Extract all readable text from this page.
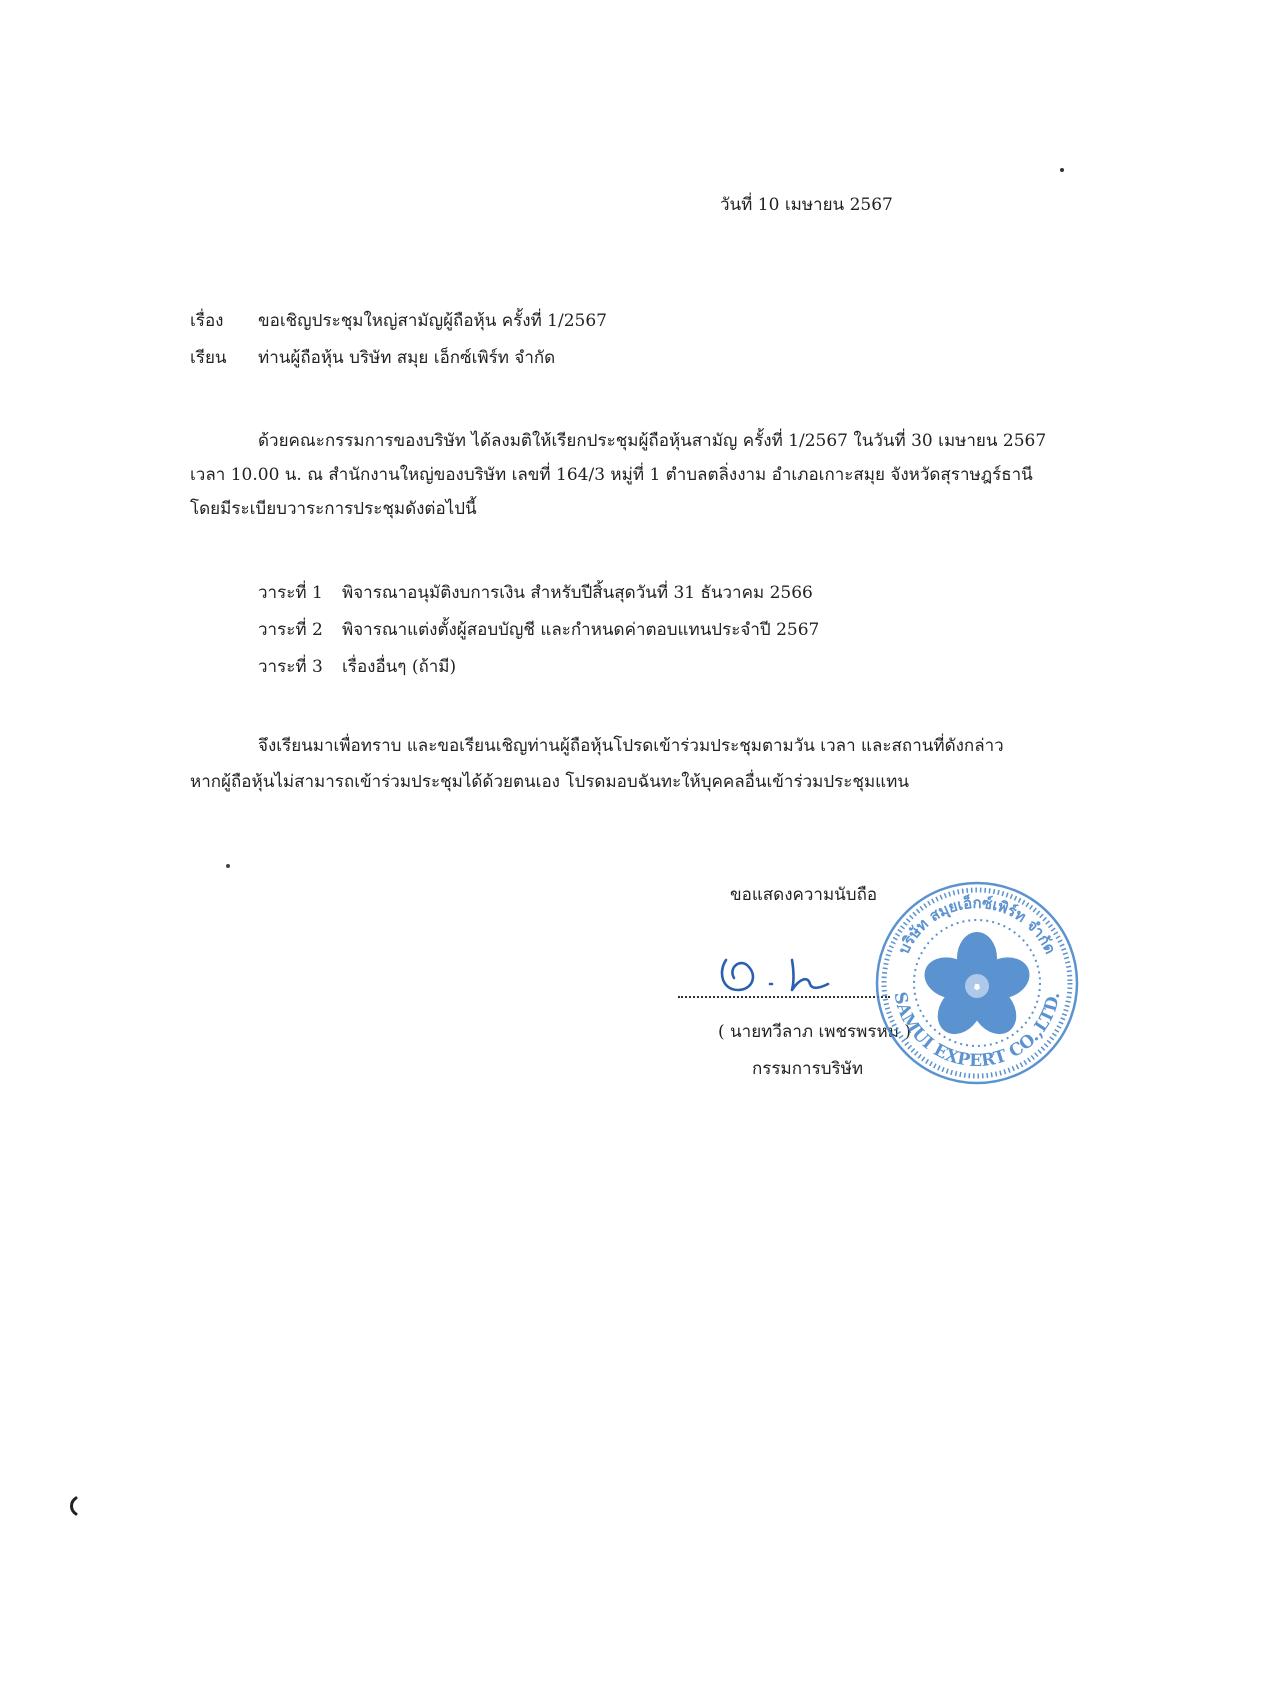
วันที่ 10 เมษายน 2567
เรื่อง ขอเชิญประชุมใหญ่สามัญผู้ถือหุ้น ครั้งที่ 1/2567
เรียน ท่านผู้ถือหุ้น บริษัท สมุย เอ็กซ์เพิร์ท จำกัด
ด้วยคณะกรรมการของบริษัท ได้ลงมติให้เรียกประชุมผู้ถือหุ้นสามัญ ครั้งที่ 1/2567 ในวันที่ 30 เมษายน 2567
เวลา 10.00 น. ณ สำนักงานใหญ่ของบริษัท เลขที่ 164/3 หมู่ที่ 1 ตำบลตลิ่งงาม อำเภอเกาะสมุย จังหวัดสุราษฎร์ธานี
โดยมีระเบียบวาระการประชุมดังต่อไปนี้
วาระที่ 1	พิจารณาอนุมัติงบการเงิน สำหรับปีสิ้นสุดวันที่ 31 ธันวาคม 2566
วาระที่ 2	พิจารณาแต่งตั้งผู้สอบบัญชี และกำหนดค่าตอบแทนประจำปี 2567
วาระที่ 3	เรื่องอื่นๆ (ถ้ามี)
จึงเรียนมาเพื่อทราบ และขอเรียนเชิญท่านผู้ถือหุ้นโปรดเข้าร่วมประชุมตามวัน เวลา และสถานที่ดังกล่าว
หากผู้ถือหุ้นไม่สามารถเข้าร่วมประชุมได้ด้วยตนเอง โปรดมอบฉันทะให้บุคคลอื่นเข้าร่วมประชุมแทน
ขอแสดงความนับถือ
( นายทวีลาภ เพชรพรหม )
กรรมการบริษัท
บริษัท สมุยเอ็กซ์เพิร์ท จำกัด
SAMUI EXPERT CO.,LTD.
